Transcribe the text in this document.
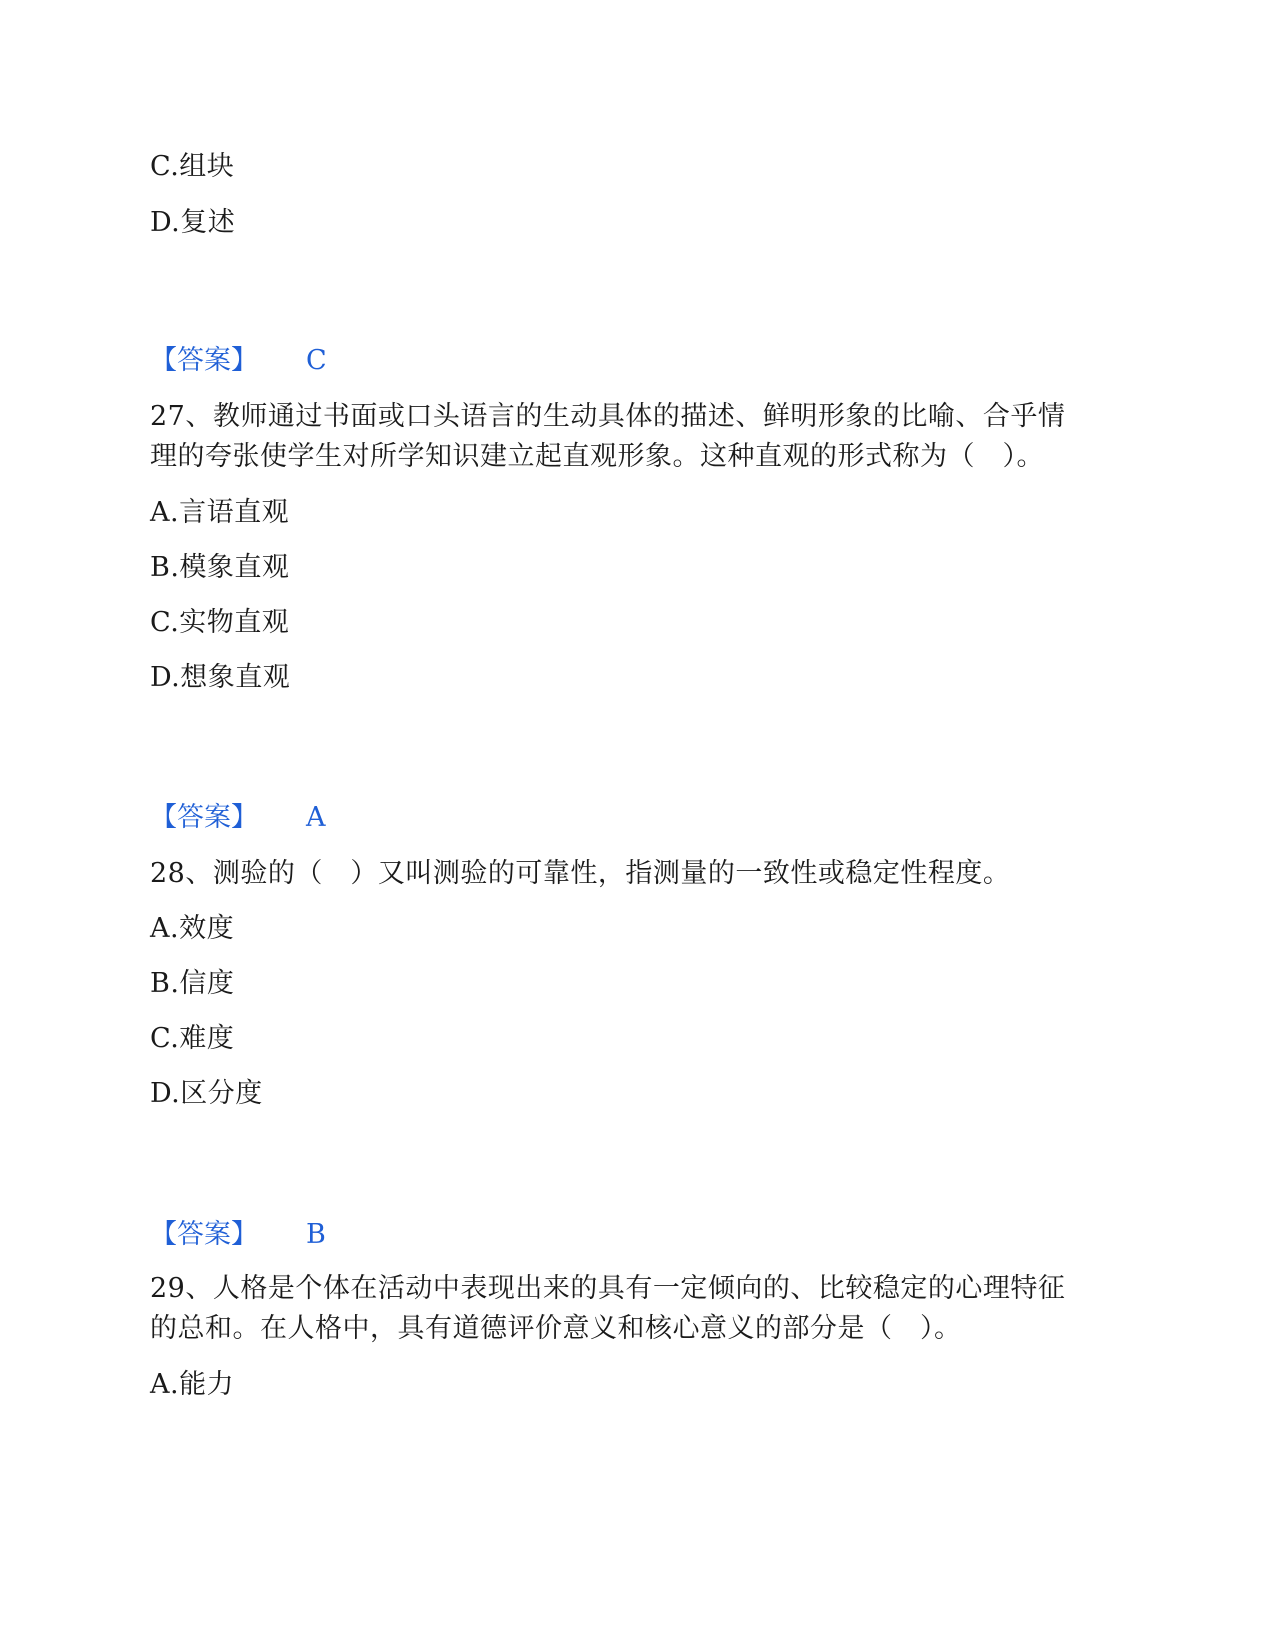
C.组块
D.复述
【答案】 C
27、教师通过书面或口头语言的生动具体的描述、鲜明形象的比喻、合乎情
理的夸张使学生对所学知识建立起直观形象。这种直观的形式称为（　）。
A.言语直观
B.模象直观
C.实物直观
D.想象直观
【答案】 A
28、测验的（　）又叫测验的可靠性，指测量的一致性或稳定性程度。
A.效度
B.信度
C.难度
D.区分度
【答案】 B
29、人格是个体在活动中表现出来的具有一定倾向的、比较稳定的心理特征
的总和。在人格中，具有道德评价意义和核心意义的部分是（　）。
A.能力
